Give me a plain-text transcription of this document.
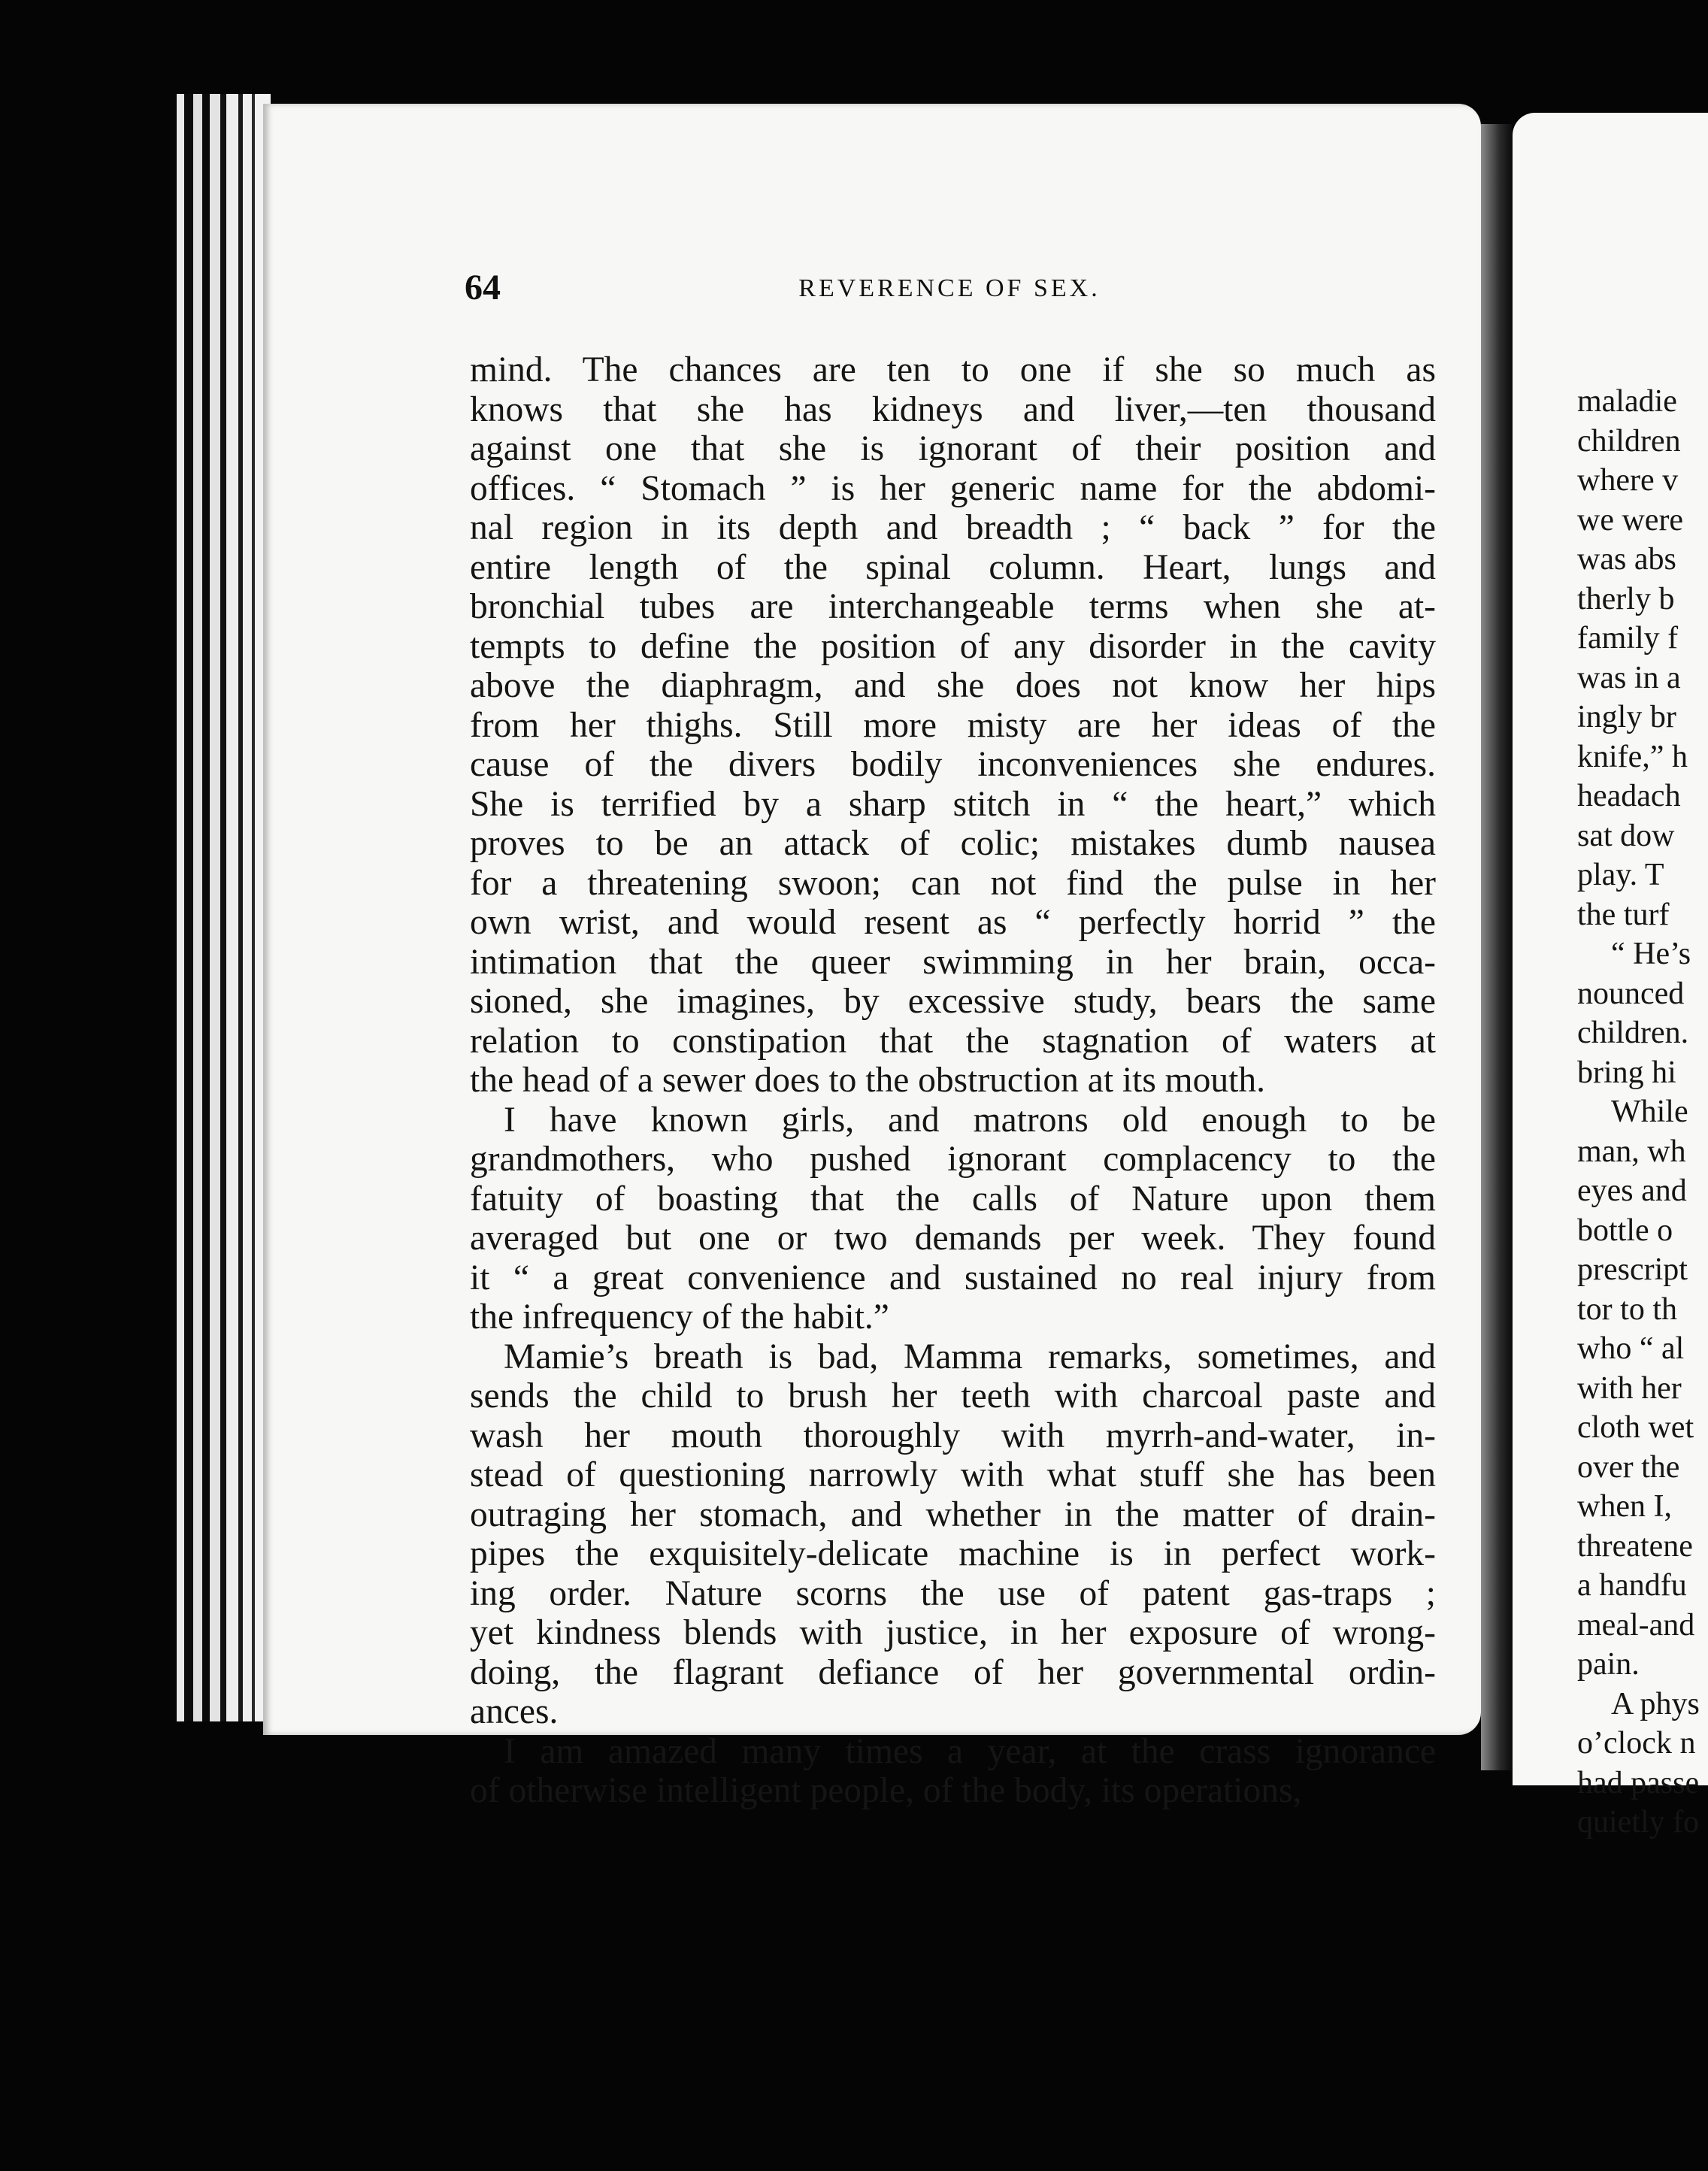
64	REVERENCE OF SEX.
mind. The chances are ten to one if she so much as
knows that she has kidneys and liver,—ten thousand
against one that she is ignorant of their position and
offices. “ Stomach ” is her generic name for the abdomi-
nal region in its depth and breadth ; “ back ” for the
entire length of the spinal column. Heart, lungs and
bronchial tubes are interchangeable terms when she at-
tempts to define the position of any disorder in the cavity
above the diaphragm, and she does not know her hips
from her thighs. Still more misty are her ideas of the
cause of the divers bodily inconveniences she endures.
She is terrified by a sharp stitch in “ the heart,” which
proves to be an attack of colic; mistakes dumb nausea
for a threatening swoon; can not find the pulse in her
own wrist, and would resent as “ perfectly horrid ” the
intimation that the queer swimming in her brain, occa-
sioned, she imagines, by excessive study, bears the same
relation to constipation that the stagnation of waters at
the head of a sewer does to the obstruction at its mouth.
I have known girls, and matrons old enough to be
grandmothers, who pushed ignorant complacency to the
fatuity of boasting that the calls of Nature upon them
averaged but one or two demands per week. They found
it “ a great convenience and sustained no real injury from
the infrequency of the habit.”
Mamie’s breath is bad, Mamma remarks, sometimes, and
sends the child to brush her teeth with charcoal paste and
wash her mouth thoroughly with myrrh-and-water, in-
stead of questioning narrowly with what stuff she has been
outraging her stomach, and whether in the matter of drain-
pipes the exquisitely-delicate machine is in perfect work-
ing order. Nature scorns the use of patent gas-traps ;
yet kindness blends with justice, in her exposure of wrong-
doing, the flagrant defiance of her governmental ordin-
ances.
I am amazed many times a year, at the crass ignorance
of otherwise intelligent people, of the body, its operations,
maladie
children
where v
we were
was abs
therly b
family f
was in a
ingly br
knife,” h
headach
sat dow
play. T
the turf
“ He’s
nounced
children.
bring hi
While
man, wh
eyes and
bottle o
prescript
tor to th
who “ al
with her
cloth wet
over the
when I,
threatene
a handfu
meal-and
pain.
A phys
o’clock n
had passe
quietly fo
